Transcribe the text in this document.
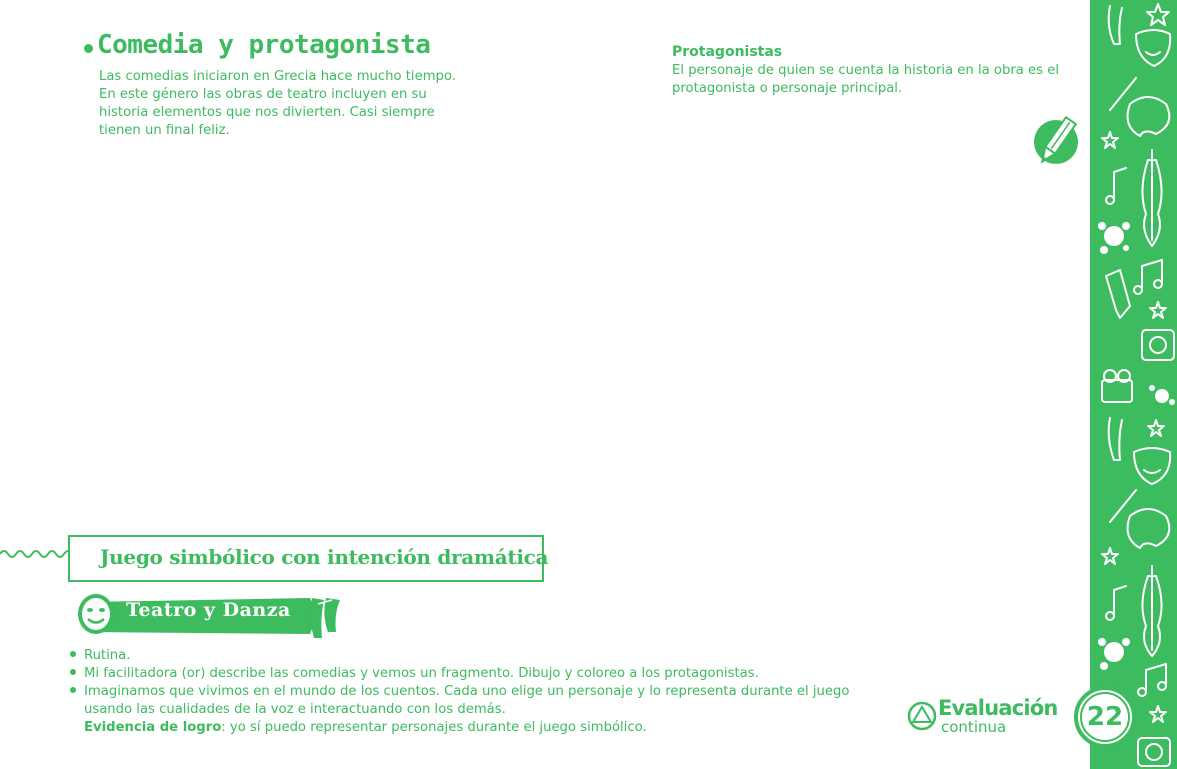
Comedia y protagonista
Las comedias iniciaron en Grecia hace mucho tiempo.
En este género las obras de teatro incluyen en su
historia elementos que nos divierten. Casi siempre
tienen un final feliz.
Protagonistas
El personaje de quien se cuenta la historia en la obra es el
protagonista o personaje principal.
Juego simbólico con intención dramática
Teatro y Danza
Rutina.
Mi facilitadora (or) describe las comedias y vemos un fragmento. Dibujo y coloreo a los protagonistas.
Imaginamos que vivimos en el mundo de los cuentos. Cada uno elige un personaje y lo representa durante el juego
usando las cualidades de la voz e interactuando con los demás.
Evidencia de logro: yo sí puedo representar personajes durante el juego simbólico.
Evaluación
continua	22
